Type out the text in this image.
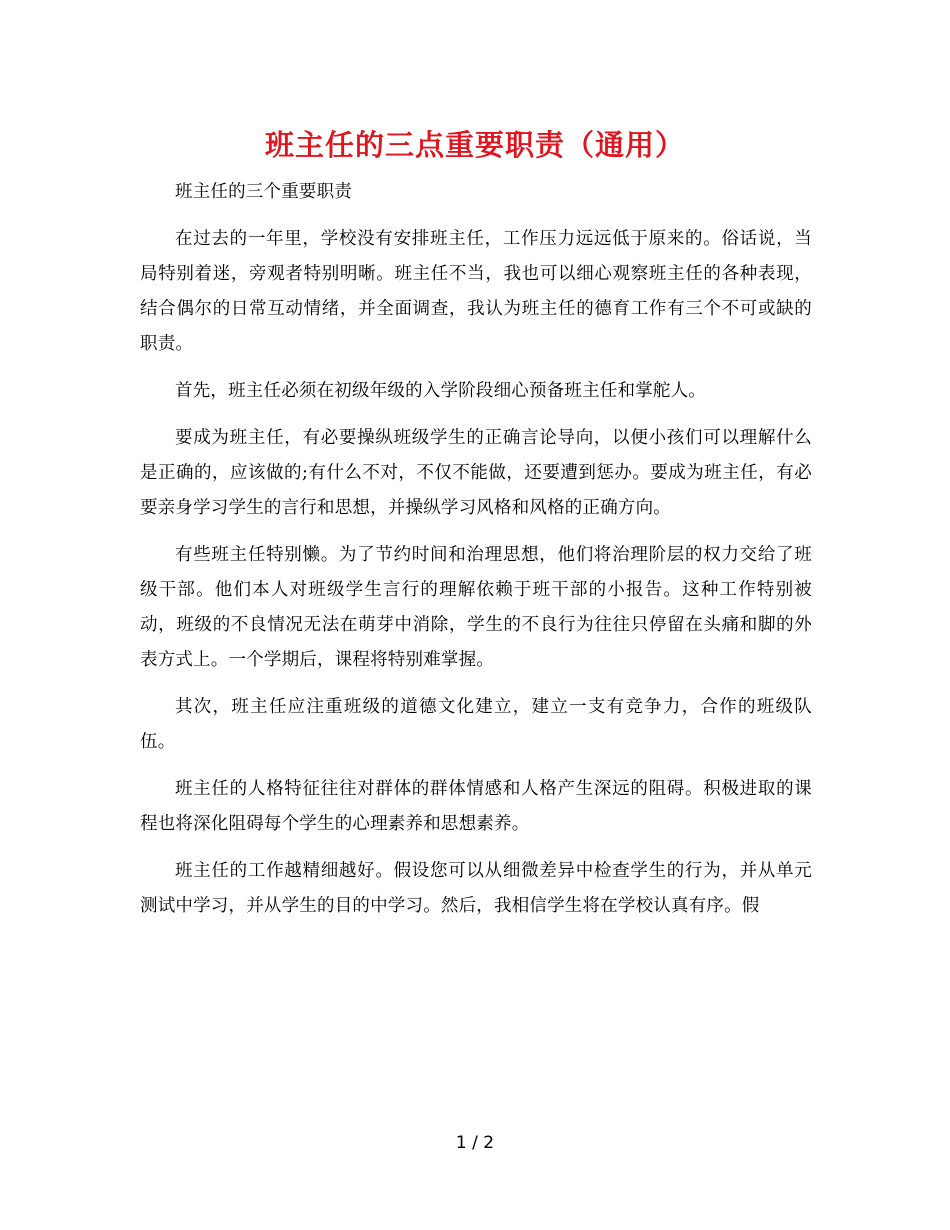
班主任的三点重要职责（通用）

班主任的三个重要职责

在过去的一年里，学校没有安排班主任，工作压力远远低于原来的。俗话说，当局特别着迷，旁观者特别明晰。班主任不当，我也可以细心观察班主任的各种表现，结合偶尔的日常互动情绪，并全面调查，我认为班主任的德育工作有三个不可或缺的职责。

首先，班主任必须在初级年级的入学阶段细心预备班主任和掌舵人。

要成为班主任，有必要操纵班级学生的正确言论导向，以便小孩们可以理解什么是正确的，应该做的;有什么不对，不仅不能做，还要遭到惩办。要成为班主任，有必要亲身学习学生的言行和思想，并操纵学习风格和风格的正确方向。

有些班主任特别懒。为了节约时间和治理思想，他们将治理阶层的权力交给了班级干部。他们本人对班级学生言行的理解依赖于班干部的小报告。这种工作特别被动，班级的不良情况无法在萌芽中消除，学生的不良行为往往只停留在头痛和脚的外表方式上。一个学期后，课程将特别难掌握。

其次，班主任应注重班级的道德文化建立，建立一支有竞争力，合作的班级队伍。

班主任的人格特征往往对群体的群体情感和人格产生深远的阻碍。积极进取的课程也将深化阻碍每个学生的心理素养和思想素养。

班主任的工作越精细越好。假设您可以从细微差异中检查学生的行为，并从单元测试中学习，并从学生的目的中学习。然后，我相信学生将在学校认真有序。假

1 / 2
